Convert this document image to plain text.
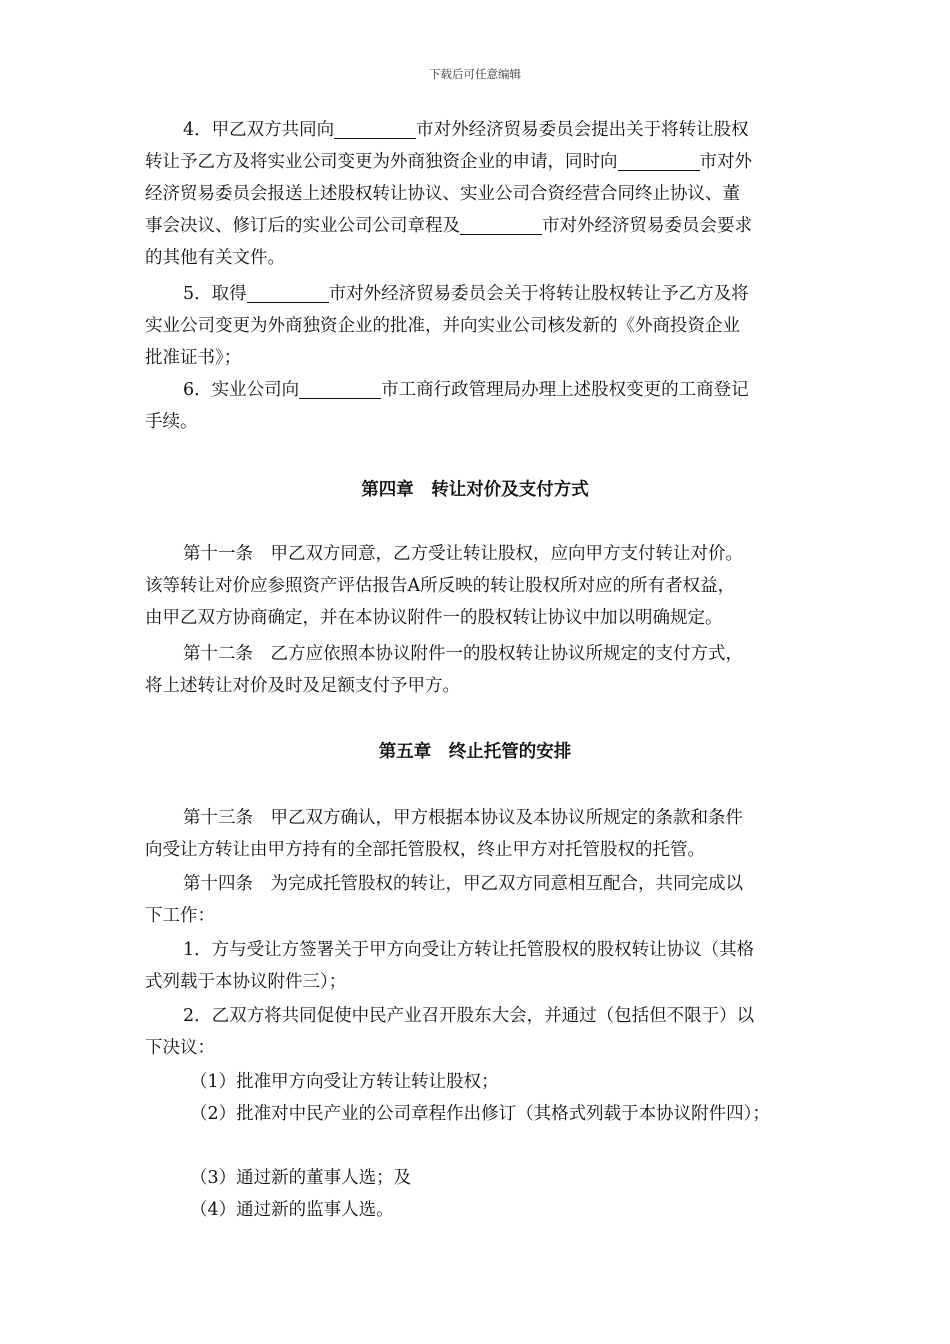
下载后可任意编辑
4．甲乙双方共同向	市对外经济贸易委员会提出关于将转让股权
转让予乙方及将实业公司变更为外商独资企业的申请，同时向	市对外
经济贸易委员会报送上述股权转让协议、实业公司合资经营合同终止协议、董
事会决议、修订后的实业公司公司章程及	市对外经济贸易委员会要求
的其他有关文件。
5．取得	市对外经济贸易委员会关于将转让股权转让予乙方及将
实业公司变更为外商独资企业的批准，并向实业公司核发新的《外商投资企业
批准证书》；
6．实业公司向	市工商行政管理局办理上述股权变更的工商登记
手续。
第四章　转让对价及支付方式
第十一条　甲乙双方同意，乙方受让转让股权，应向甲方支付转让对价。
该等转让对价应参照资产评估报告A所反映的转让股权所对应的所有者权益，
由甲乙双方协商确定，并在本协议附件一的股权转让协议中加以明确规定。
第十二条　乙方应依照本协议附件一的股权转让协议所规定的支付方式，
将上述转让对价及时及足额支付予甲方。
第五章　终止托管的安排
第十三条　甲乙双方确认，甲方根据本协议及本协议所规定的条款和条件
向受让方转让由甲方持有的全部托管股权，终止甲方对托管股权的托管。
第十四条　为完成托管股权的转让，甲乙双方同意相互配合，共同完成以
下工作：
1．方与受让方签署关于甲方向受让方转让托管股权的股权转让协议（其格
式列载于本协议附件三）；
2．乙双方将共同促使中民产业召开股东大会，并通过（包括但不限于）以
下决议：
（1）批准甲方向受让方转让转让股权；
（2）批准对中民产业的公司章程作出修订（其格式列载于本协议附件四）；
（3）通过新的董事人选；及
（4）通过新的监事人选。
